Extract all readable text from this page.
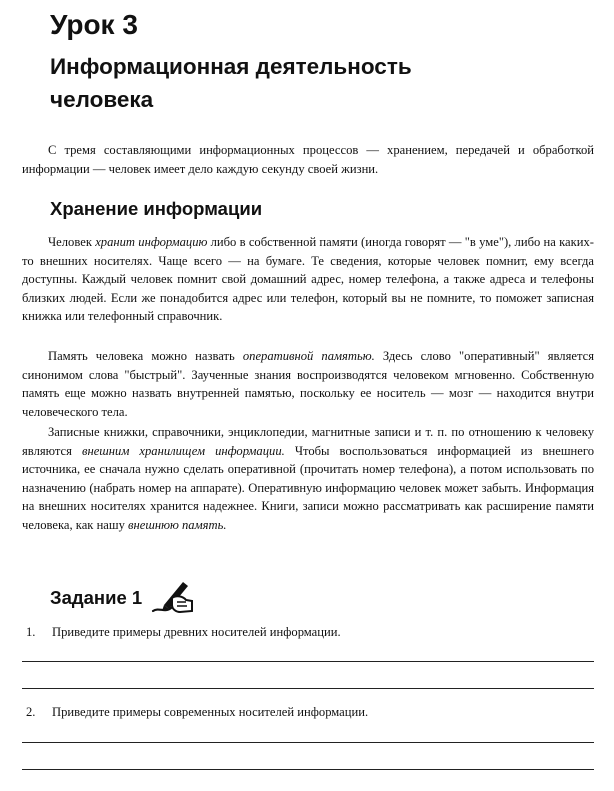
Урок 3
Информационная деятельность
человека

С тремя составляющими информационных процессов — хранением, передачей и обработкой информации — человек имеет дело каждую секунду своей жизни.

Хранение информации

Человек хранит информацию либо в собственной памяти (иногда говорят — "в уме"), либо на каких-то внешних носителях. Чаще всего — на бумаге. Те сведения, которые человек помнит, ему всегда доступны. Каждый человек помнит свой домашний адрес, номер телефона, а также адреса и телефоны близких людей. Если же понадобится адрес или телефон, который вы не помните, то поможет записная книжка или телефонный справочник.

Память человека можно назвать оперативной памятью. Здесь слово "оперативный" является синонимом слова "быстрый". Заученные знания воспроизводятся человеком мгновенно. Собственную память еще можно назвать внутренней памятью, поскольку ее носитель — мозг — находится внутри человеческого тела.

Записные книжки, справочники, энциклопедии, магнитные записи и т. п. по отношению к человеку являются внешним хранилищем информации. Чтобы воспользоваться информацией из внешнего источника, ее сначала нужно сделать оперативной (прочитать номер телефона), а потом использовать по назначению (набрать номер на аппарате). Оперативную информацию человек может забыть. Информация на внешних носителях хранится надежнее. Книги, записи можно рассматривать как расширение памяти человека, как нашу внешнюю память.

Задание 1

1. Приведите примеры древних носителей информации.

2. Приведите примеры современных носителей информации.
